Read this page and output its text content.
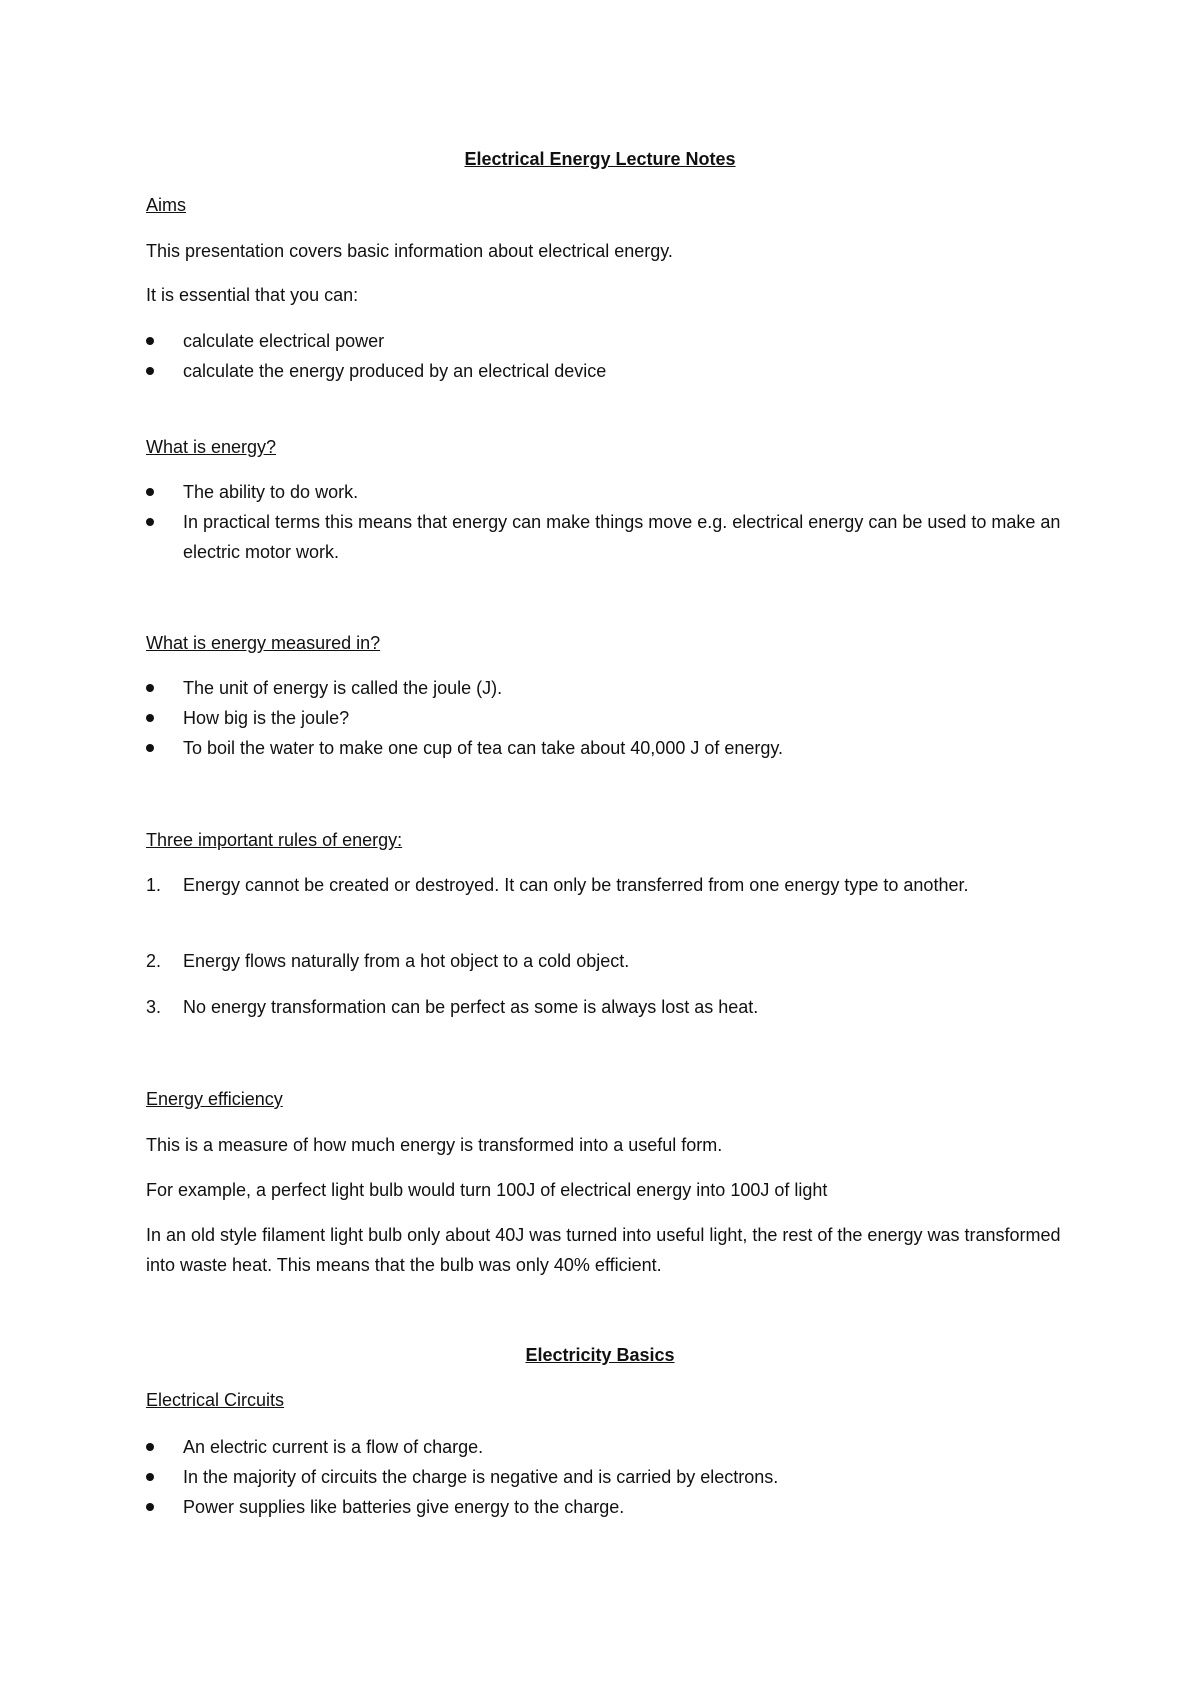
Electrical Energy Lecture Notes

Aims

This presentation covers basic information about electrical energy.

It is essential that you can:

calculate electrical power
calculate the energy produced by an electrical device

What is energy?

The ability to do work.
In practical terms this means that energy can make things move e.g. electrical energy can be used to make an electric motor work.

What is energy measured in?

The unit of energy is called the joule (J).
How big is the joule?
To boil the water to make one cup of tea can take about 40,000 J of energy.

Three important rules of energy:

1. Energy cannot be created or destroyed. It can only be transferred from one energy type to another.
2. Energy flows naturally from a hot object to a cold object.
3. No energy transformation can be perfect as some is always lost as heat.

Energy efficiency

This is a measure of how much energy is transformed into a useful form.

For example, a perfect light bulb would turn 100J of electrical energy into 100J of light

In an old style filament light bulb only about 40J was turned into useful light, the rest of the energy was transformed into waste heat. This means that the bulb was only 40% efficient.

Electricity Basics

Electrical Circuits

An electric current is a flow of charge.
In the majority of circuits the charge is negative and is carried by electrons.
Power supplies like batteries give energy to the charge.
